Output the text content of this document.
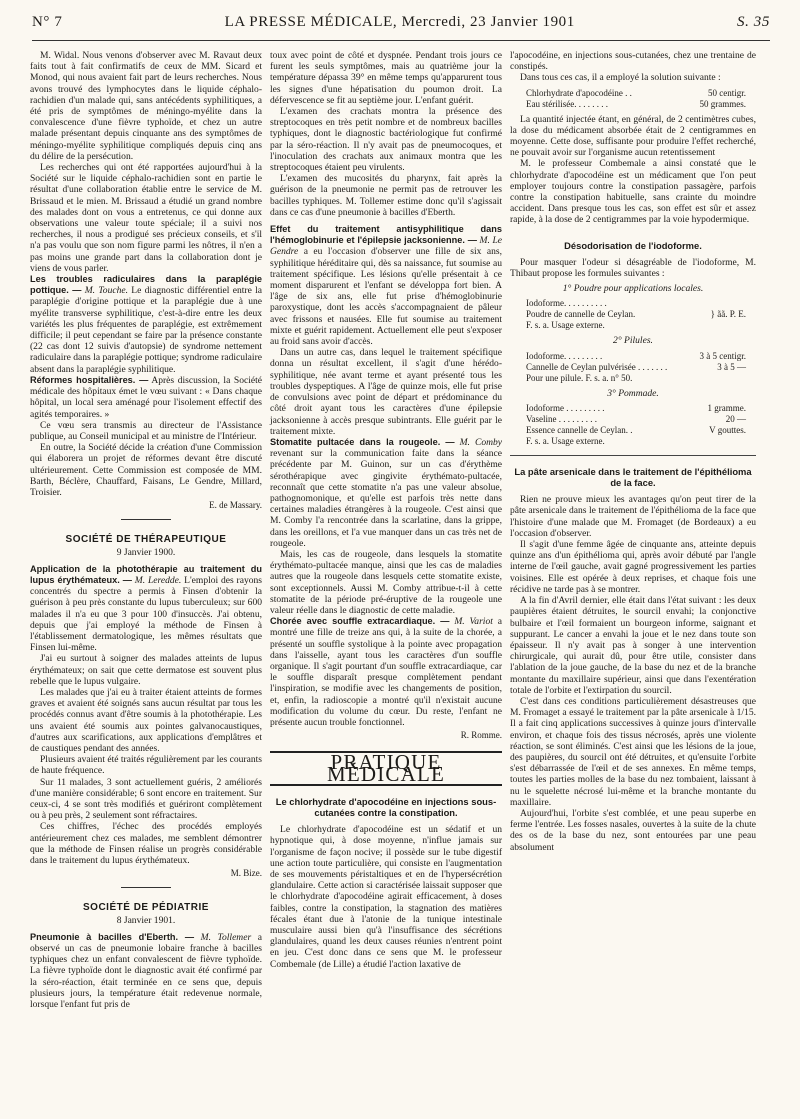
N° 7	LA PRESSE MÉDICALE, Mercredi, 23 Janvier 1901	S. 35

M. Widal. Nous venons d'observer avec M. Ravaut deux faits tout à fait confirmatifs de ceux de MM. Sicard et Monod, qui nous avaient fait part de leurs recherches. Nous avons trouvé des lymphocytes dans le liquide céphalo-rachidien d'un malade qui, sans antécédents syphilitiques, a été pris de symptômes de méningo-myélite dans la convalescence d'une fièvre typhoïde, et chez un autre malade présentant depuis cinquante ans des symptômes de méningo-myélite syphilitique compliqués depuis cinq ans du délire de la persécution.

Les recherches qui ont été rapportées aujourd'hui à la Société sur le liquide céphalo-rachidien sont en partie le résultat d'une collaboration établie entre le service de M. Brissaud et le mien. M. Brissaud a étudié un grand nombre des malades dont on vous a entretenus, ce qui donne aux observations une valeur toute spéciale; il a suivi nos recherches, il nous a prodigué ses précieux conseils, et s'il n'a pas voulu que son nom figure parmi les nôtres, il n'en a pas moins une grande part dans la collaboration dont je viens de vous parler.

Les troubles radiculaires dans la paraplégie pottique. — M. Touche. Le diagnostic différentiel entre la paraplégie d'origine pottique et la paraplégie due à une myélite transverse syphilitique, c'est-à-dire entre les deux variétés les plus fréquentes de paraplégie, est extrêmement difficile; il peut cependant se faire par la présence constante (22 cas dont 12 suivis d'autopsie) de syndrome nettement radiculaire dans la paraplégie pottique; syndrome radiculaire absent dans la paraplégie syphilitique.

Réformes hospitalières. — Après discussion, la Société médicale des hôpitaux émet le vœu suivant : « Dans chaque hôpital, un local sera aménagé pour l'isolement effectif des agités temporaires. »

Ce vœu sera transmis au directeur de l'Assistance publique, au Conseil municipal et au ministre de l'Intérieur.

En outre, la Société décide la création d'une Commission qui élaborera un projet de réformes devant être discuté ultérieurement. Cette Commission est composée de MM. Barth, Béclère, Chauffard, Faisans, Le Gendre, Millard, Troisier.

E. de Massary.
SOCIÉTÉ DE THÉRAPEUTIQUE
9 Janvier 1900.

Application de la photothérapie au traitement du lupus érythémateux. — M. Leredde. L'emploi des rayons concentrés du spectre a permis à Finsen d'obtenir la guérison à peu près constante du lupus tuberculeux; sur 600 malades il n'a eu que 3 pour 100 d'insuccès. J'ai obtenu, depuis que j'ai employé la méthode de Finsen à l'établissement dermatologique, les mêmes résultats que Finsen lui-même.

J'ai eu surtout à soigner des malades atteints de lupus érythémateux; on sait que cette dermatose est souvent plus rebelle que le lupus vulgaire.

Les malades que j'ai eu à traiter étaient atteints de formes graves et avaient été soignés sans aucun résultat par tous les procédés connus avant d'être soumis à la photothérapie. Les uns avaient été soumis aux pointes galvanocaustiques, d'autres aux scarifications, aux applications d'emplâtres et de caustiques pendant des années.

Plusieurs avaient été traités régulièrement par les courants de haute fréquence.

Sur 11 malades, 3 sont actuellement guéris, 2 améliorés d'une manière considérable; 6 sont encore en traitement. Sur ceux-ci, 4 se sont très modifiés et guériront complètement ou à peu près, 2 seulement sont réfractaires.

Ces chiffres, l'échec des procédés employés antérieurement chez ces malades, me semblent démontrer que la méthode de Finsen réalise un progrès considérable dans le traitement du lupus érythémateux.

M. Bize.
SOCIÉTÉ DE PÉDIATRIE
8 Janvier 1901.

Pneumonie à bacilles d'Eberth. — M. Tollemer a observé un cas de pneumonie lobaire franche à bacilles typhiques chez un enfant convalescent de fièvre typhoïde. La fièvre typhoïde dont le diagnostic avait été confirmé par la séro-réaction, était terminée en ce sens que, depuis plusieurs jours, la température était redevenue normale, lorsque l'enfant fut pris de

toux avec point de côté et dyspnée. Pendant trois jours ce furent les seuls symptômes, mais au quatrième jour la température dépassa 39° en même temps qu'apparurent tous les signes d'une hépatisation du poumon droit. La défervescence se fit au septième jour. L'enfant guérit.

L'examen des crachats montra la présence des streptocoques en très petit nombre et de nombreux bacilles typhiques, dont le diagnostic bactériologique fut confirmé par la séro-réaction. Il n'y avait pas de pneumocoques, et l'inoculation des crachats aux animaux montra que les streptocoques étaient peu virulents.

L'examen des mucosités du pharynx, fait après la guérison de la pneumonie ne permit pas de retrouver les bacilles typhiques. M. Tollemer estime donc qu'il s'agissait dans ce cas d'une pneumonie à bacilles d'Eberth.

Effet du traitement antisyphilitique dans l'hémoglobinurie et l'épilepsie jacksonienne. — M. Le Gendre a eu l'occasion d'observer une fille de six ans, syphilitique héréditaire qui, dès sa naissance, fut soumise au traitement spécifique. Les lésions qu'elle présentait à ce moment disparurent et l'enfant se développa fort bien. A l'âge de six ans, elle fut prise d'hémoglobinurie paroxystique, dont les accès s'accompagnaient de pâleur avec frissons et nausées. Elle fut soumise au traitement mixte et guérit rapidement. Actuellement elle peut s'exposer au froid sans avoir d'accès.

Dans un autre cas, dans lequel le traitement spécifique donna un résultat excellent, il s'agit d'une hérédo-syphilitique, née avant terme et ayant présenté tous les troubles dyspeptiques. A l'âge de quinze mois, elle fut prise de convulsions avec point de départ et prédominance du côté droit ayant tous les caractères d'une épilepsie jacksonienne à accès presque subintrants. Elle guérit par le traitement mixte.

Stomatite pultacée dans la rougeole. — M. Comby revenant sur la communication faite dans la séance précédente par M. Guinon, sur un cas d'érythème sérothérapique avec gingivite érythémato-pultacée, reconnaît que cette stomatite n'a pas une valeur absolue, pathognomonique, et qu'elle est parfois très nette dans certaines maladies étrangères à la rougeole. C'est ainsi que M. Comby l'a rencontrée dans la scarlatine, dans la grippe, dans les oreillons, et l'a vue manquer dans un cas très net de rougeole.

Mais, les cas de rougeole, dans lesquels la stomatite érythémato-pultacée manque, ainsi que les cas de maladies autres que la rougeole dans lesquels cette stomatite existe, sont exceptionnels. Aussi M. Comby attribue-t-il à cette stomatite de la période pré-éruptive de la rougeole une valeur réelle dans le diagnostic de cette maladie.

Chorée avec souffle extracardiaque. — M. Variot a montré une fille de treize ans qui, à la suite de la chorée, a présenté un souffle systolique à la pointe avec propagation dans l'aisselle, ayant tous les caractères d'un souffle organique. Il s'agit pourtant d'un souffle extracardiaque, car le souffle disparaît presque complètement pendant l'inspiration, se modifie avec les changements de position, et, enfin, la radioscopie a montré qu'il n'existait aucune modification du volume du cœur. Du reste, l'enfant ne présente aucun trouble fonctionnel.

R. Romme.
PRATIQUE MÉDICALE
Le chlorhydrate d'apocodéine en injections sous-cutanées contre la constipation.

Le chlorhydrate d'apocodéine est un sédatif et un hypnotique qui, à dose moyenne, n'influe jamais sur l'organisme de façon nocive; il possède sur le tube digestif une action toute particulière, qui consiste en l'augmentation de ses mouvements péristaltiques et en de l'hypersécrétion glandulaire. Cette action si caractérisée laissait supposer que le chlorhydrate d'apocodéine agirait efficacement, à doses faibles, contre la constipation, la stagnation des matières fécales étant due à l'atonie de la tunique intestinale musculaire aussi bien qu'à l'insuffisance des sécrétions glandulaires, quand les deux causes réunies n'entrent point en jeu. C'est donc dans ce sens que M. le professeur Combemale (de Lille) a étudié l'action laxative de

l'apocodéine, en injections sous-cutanées, chez une trentaine de constipés.

Dans tous ces cas, il a employé la solution suivante :

Chlorhydrate d'apocodéine . .	50 centigr.
Eau stérilisée. . . . . . . .	50 grammes.

La quantité injectée étant, en général, de 2 centimètres cubes, la dose du médicament absorbée était de 2 centigrammes en moyenne. Cette dose, suffisante pour produire l'effet recherché, ne pouvait avoir sur l'organisme aucun retentissement

M. le professeur Combemale a ainsi constaté que le chlorhydrate d'apocodéine est un médicament que l'on peut employer toujours contre la constipation passagère, parfois contre la constipation habituelle, sans crainte du moindre accident. Dans presque tous les cas, son effet est sûr et assez rapide, à la dose de 2 centigrammes par la voie hypodermique.

Désodorisation de l'iodoforme.

Pour masquer l'odeur si désagréable de l'iodoforme, M. Thibaut propose les formules suivantes :

1° Poudre pour applications locales.
Iodoforme. . . . . . . . . .
Poudre de cannelle de Ceylan.	} ãã. P. E.
F. s. a. Usage externe.
2° Pilules.
Iodoforme. . . . . . . . .	3 à 5 centigr.
Cannelle de Ceylan pulvérisée . . . . . . .	3 à 5 —
Pour une pilule. F. s. a. n° 50.
3° Pommade.
Iodoforme . . . . . . . . .	1 gramme.
Vaseline . . . . . . . . .	20 —
Essence cannelle de Ceylan. .	V gouttes.
F. s. a. Usage externe.
La pâte arsenicale dans le traitement de l'épithélioma de la face.

Rien ne prouve mieux les avantages qu'on peut tirer de la pâte arsenicale dans le traitement de l'épithélioma de la face que l'histoire d'une malade que M. Fromaget (de Bordeaux) a eu l'occasion d'observer.

Il s'agit d'une femme âgée de cinquante ans, atteinte depuis quinze ans d'un épithélioma qui, après avoir débuté par l'angle interne de l'œil gauche, avait gagné progressivement les parties voisines. Elle est opérée à deux reprises, et chaque fois une récidive ne tarde pas à se montrer.

A la fin d'Avril dernier, elle était dans l'état suivant : les deux paupières étaient détruites, le sourcil envahi; la conjonctive bulbaire et l'œil formaient un bourgeon informe, saignant et suppurant. Le cancer a envahi la joue et le nez dans toute son épaisseur. Il n'y avait pas à songer à une intervention chirurgicale, qui aurait dû, pour être utile, consister dans l'ablation de la joue gauche, de la base du nez et de la branche montante du maxillaire supérieur, ainsi que dans l'exentération totale de l'orbite et l'extirpation du sourcil.

C'est dans ces conditions particulièrement désastreuses que M. Fromaget a essayé le traitement par la pâte arsenicale à 1/15. Il a fait cinq applications successives à quinze jours d'intervalle environ, et chaque fois des tissus nécrosés, après une violente réaction, se sont éliminés. C'est ainsi que les lésions de la joue, des paupières, du sourcil ont été détruites, et qu'ensuite l'orbite s'est débarrassée de l'œil et de ses annexes. En même temps, toutes les parties molles de la base du nez tombaient, laissant à nu le squelette nécrosé lui-même et la branche montante du maxillaire.

Aujourd'hui, l'orbite s'est comblée, et une peau superbe en ferme l'entrée. Les fosses nasales, ouvertes à la suite de la chute des os de la base du nez, sont entourées par une peau absolument
